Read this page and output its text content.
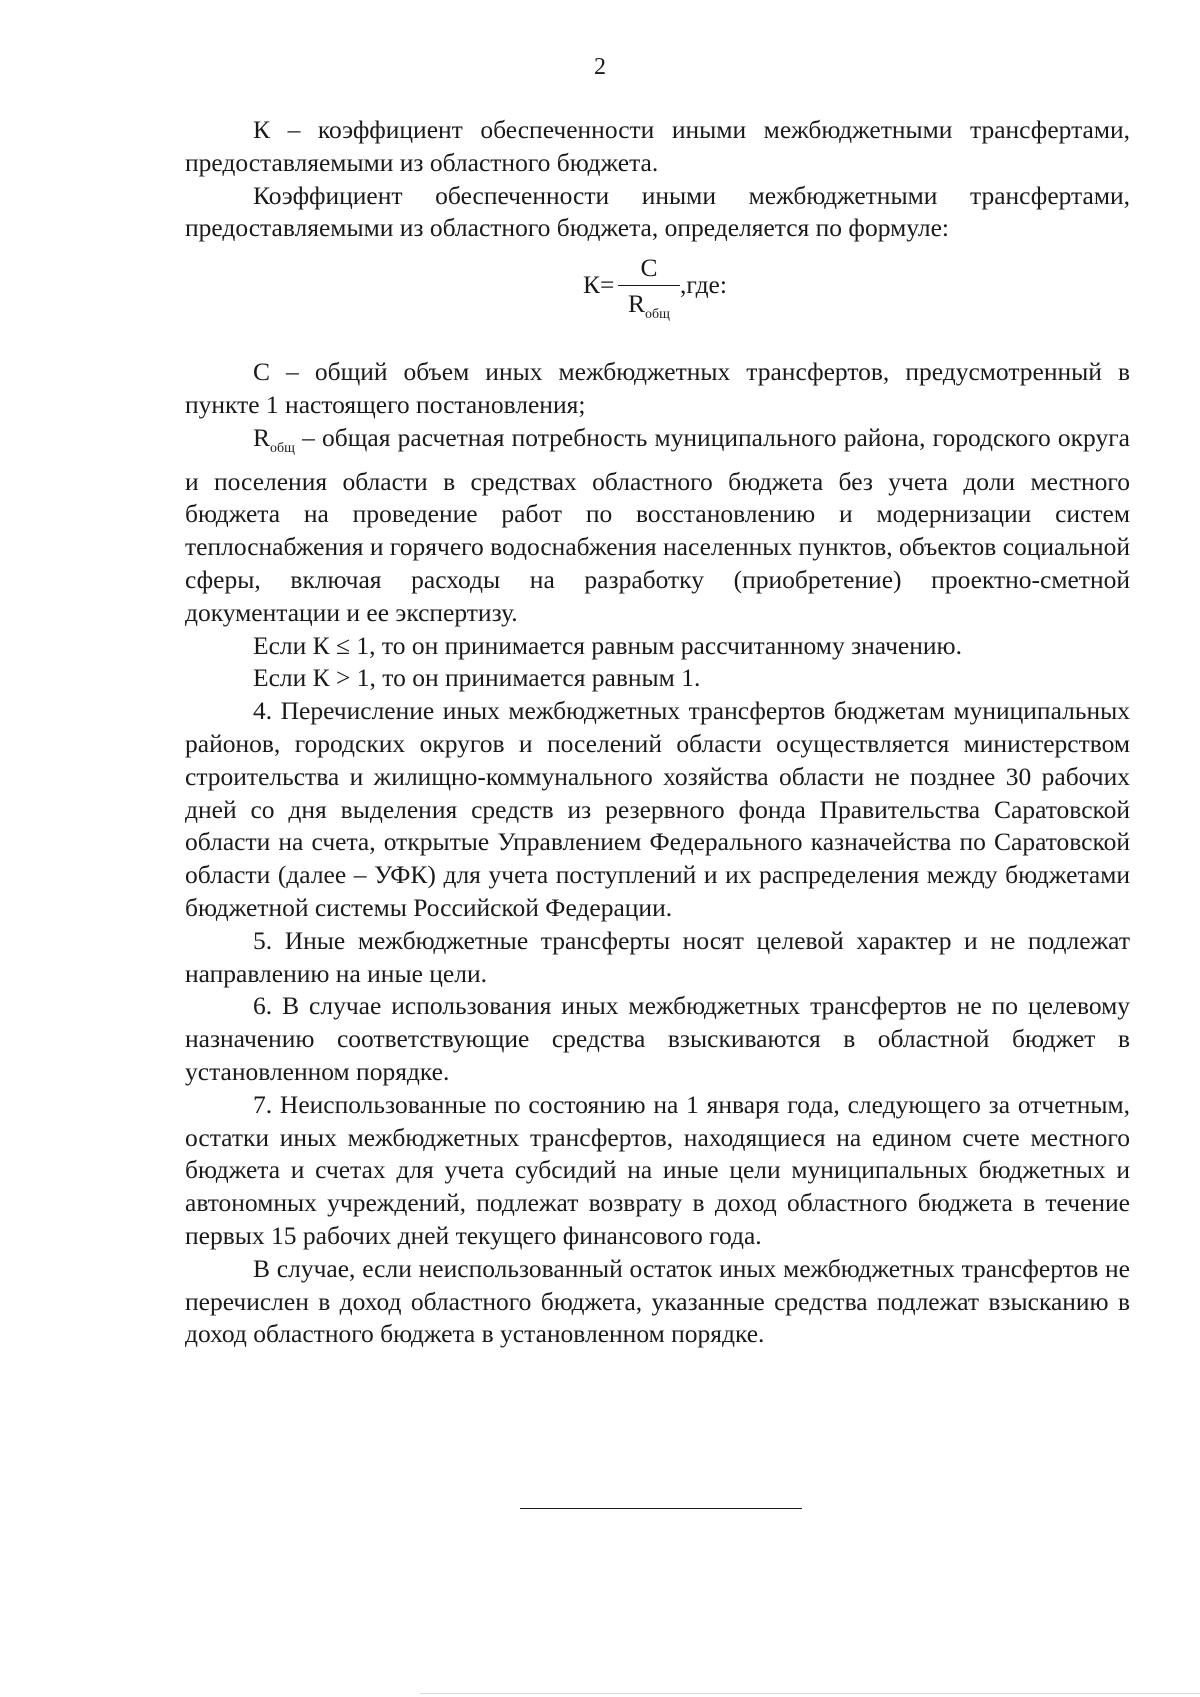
2

К – коэффициент обеспеченности иными межбюджетными трансфертами, предоставляемыми из областного бюджета.

Коэффициент обеспеченности иными межбюджетными трансфертами, предоставляемыми из областного бюджета, определяется по формуле:

К=
С
$R_{общ}$
,где:

С – общий объем иных межбюджетных трансфертов, предусмотренный в пункте 1 настоящего постановления;

$R_{общ}$ – общая расчетная потребность муниципального района, городского округа и поселения области в средствах областного бюджета без учета доли местного бюджета на проведение работ по восстановлению и модернизации систем теплоснабжения и горячего водоснабжения населенных пунктов, объектов социальной сферы, включая расходы на разработку (приобретение) проектно-сметной документации и ее экспертизу.

Если К ≤ 1, то он принимается равным рассчитанному значению.

Если К > 1, то он принимается равным 1.

4. Перечисление иных межбюджетных трансфертов бюджетам муниципальных районов, городских округов и поселений области осуществляется министерством строительства и жилищно-коммунального хозяйства области не позднее 30 рабочих дней со дня выделения средств из резервного фонда Правительства Саратовской области на счета, открытые Управлением Федерального казначейства по Саратовской области (далее – УФК) для учета поступлений и их распределения между бюджетами бюджетной системы Российской Федерации.

5. Иные межбюджетные трансферты носят целевой характер и не подлежат направлению на иные цели.

6. В случае использования иных межбюджетных трансфертов не по целевому назначению соответствующие средства взыскиваются в областной бюджет в установленном порядке.

7. Неиспользованные по состоянию на 1 января года, следующего за отчетным, остатки иных межбюджетных трансфертов, находящиеся на едином счете местного бюджета и счетах для учета субсидий на иные цели муниципальных бюджетных и автономных учреждений, подлежат возврату в доход областного бюджета в течение первых 15 рабочих дней текущего финансового года.

В случае, если неиспользованный остаток иных межбюджетных трансфертов не перечислен в доход областного бюджета, указанные средства подлежат взысканию в доход областного бюджета в установленном порядке.
